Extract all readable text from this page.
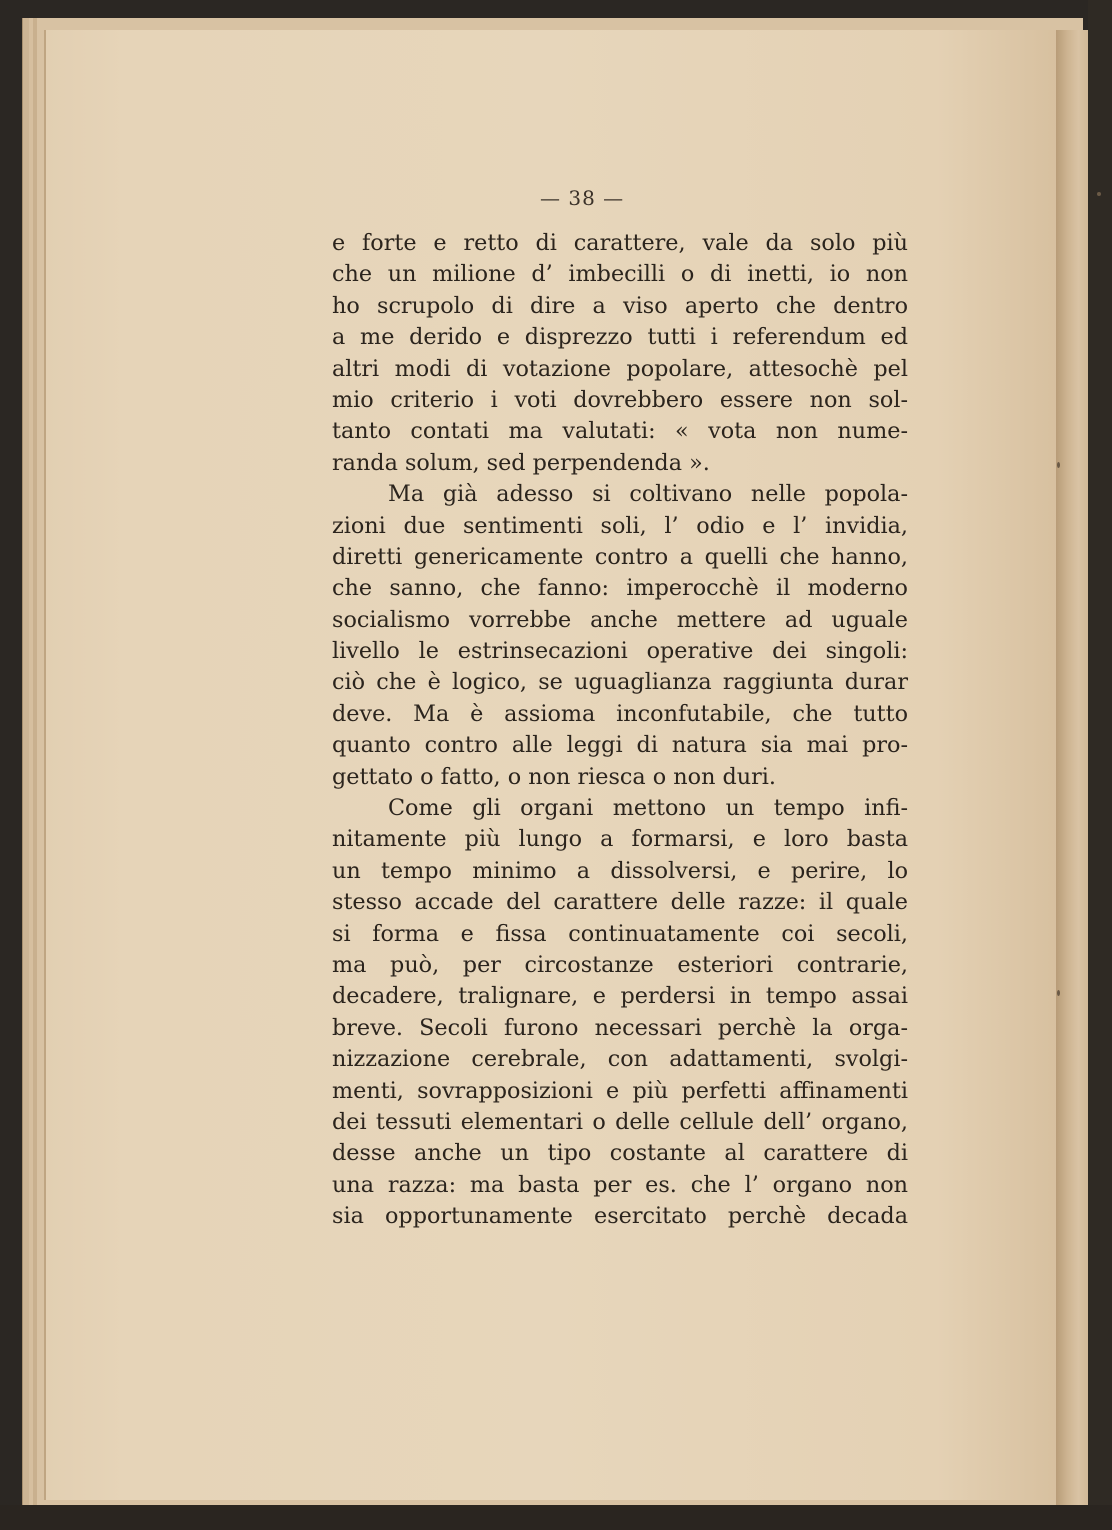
— 38 —

e forte e retto di carattere, vale da solo più
che un milione d’ imbecilli o di inetti, io non
ho scrupolo di dire a viso aperto che dentro
a me derido e disprezzo tutti i referendum ed
altri modi di votazione popolare, attesochè pel
mio criterio i voti dovrebbero essere non sol-
tanto contati ma valutati: « vota non nume-
randa solum, sed perpendenda ».

Ma già adesso si coltivano nelle popola-
zioni due sentimenti soli, l’ odio e l’ invidia,
diretti genericamente contro a quelli che hanno,
che sanno, che fanno: imperocchè il moderno
socialismo vorrebbe anche mettere ad uguale
livello le estrinsecazioni operative dei singoli:
ciò che è logico, se uguaglianza raggiunta durar
deve. Ma è assioma inconfutabile, che tutto
quanto contro alle leggi di natura sia mai pro-
gettato o fatto, o non riesca o non duri.

Come gli organi mettono un tempo infi-
nitamente più lungo a formarsi, e loro basta
un tempo minimo a dissolversi, e perire, lo
stesso accade del carattere delle razze: il quale
si forma e fissa continuatamente coi secoli,
ma può, per circostanze esteriori contrarie,
decadere, tralignare, e perdersi in tempo assai
breve. Secoli furono necessari perchè la orga-
nizzazione cerebrale, con adattamenti, svolgi-
menti, sovrapposizioni e più perfetti affinamenti
dei tessuti elementari o delle cellule dell’ organo,
desse anche un tipo costante al carattere di
una razza: ma basta per es. che l’ organo non
sia opportunamente esercitato perchè decada
